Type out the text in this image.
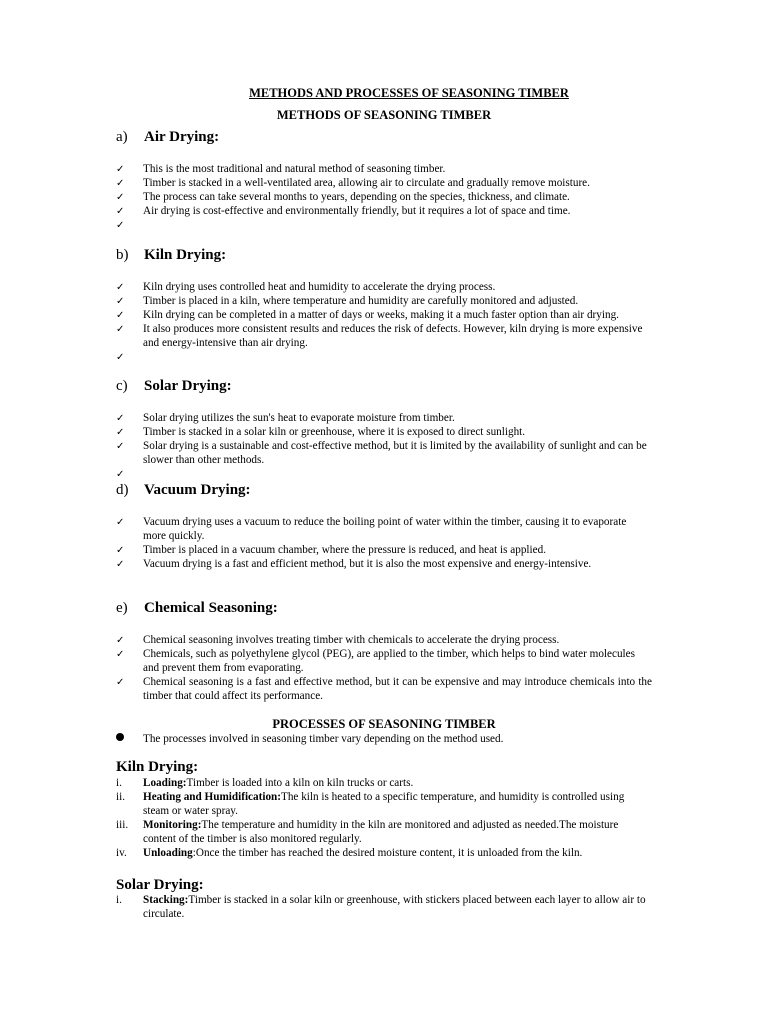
METHODS AND PROCESSES OF SEASONING TIMBER
METHODS OF SEASONING TIMBER
a) Air Drying:
✓ This is the most traditional and natural method of seasoning timber.
✓ Timber is stacked in a well-ventilated area, allowing air to circulate and gradually remove moisture.
✓ The process can take several months to years, depending on the species, thickness, and climate.
✓ Air drying is cost-effective and environmentally friendly, but it requires a lot of space and time.
✓
b) Kiln Drying:
✓ Kiln drying uses controlled heat and humidity to accelerate the drying process.
✓ Timber is placed in a kiln, where temperature and humidity are carefully monitored and adjusted.
✓ Kiln drying can be completed in a matter of days or weeks, making it a much faster option than air drying.
✓ It also produces more consistent results and reduces the risk of defects. However, kiln drying is more expensive and energy-intensive than air drying.
✓
c) Solar Drying:
✓ Solar drying utilizes the sun's heat to evaporate moisture from timber.
✓ Timber is stacked in a solar kiln or greenhouse, where it is exposed to direct sunlight.
✓ Solar drying is a sustainable and cost-effective method, but it is limited by the availability of sunlight and can be slower than other methods.
✓
d) Vacuum Drying:
✓ Vacuum drying uses a vacuum to reduce the boiling point of water within the timber, causing it to evaporate more quickly.
✓ Timber is placed in a vacuum chamber, where the pressure is reduced, and heat is applied.
✓ Vacuum drying is a fast and efficient method, but it is also the most expensive and energy-intensive.
e) Chemical Seasoning:
✓ Chemical seasoning involves treating timber with chemicals to accelerate the drying process.
✓ Chemicals, such as polyethylene glycol (PEG), are applied to the timber, which helps to bind water molecules and prevent them from evaporating.
✓ Chemical seasoning is a fast and effective method, but it can be expensive and may introduce chemicals into the timber that could affect its performance.
PROCESSES OF SEASONING TIMBER
The processes involved in seasoning timber vary depending on the method used.
Kiln Drying:
i. Loading:Timber is loaded into a kiln on kiln trucks or carts.
ii. Heating and Humidification:The kiln is heated to a specific temperature, and humidity is controlled using steam or water spray.
iii. Monitoring:The temperature and humidity in the kiln are monitored and adjusted as needed.The moisture content of the timber is also monitored regularly.
iv. Unloading:Once the timber has reached the desired moisture content, it is unloaded from the kiln.
Solar Drying:
i. Stacking:Timber is stacked in a solar kiln or greenhouse, with stickers placed between each layer to allow air to circulate.
